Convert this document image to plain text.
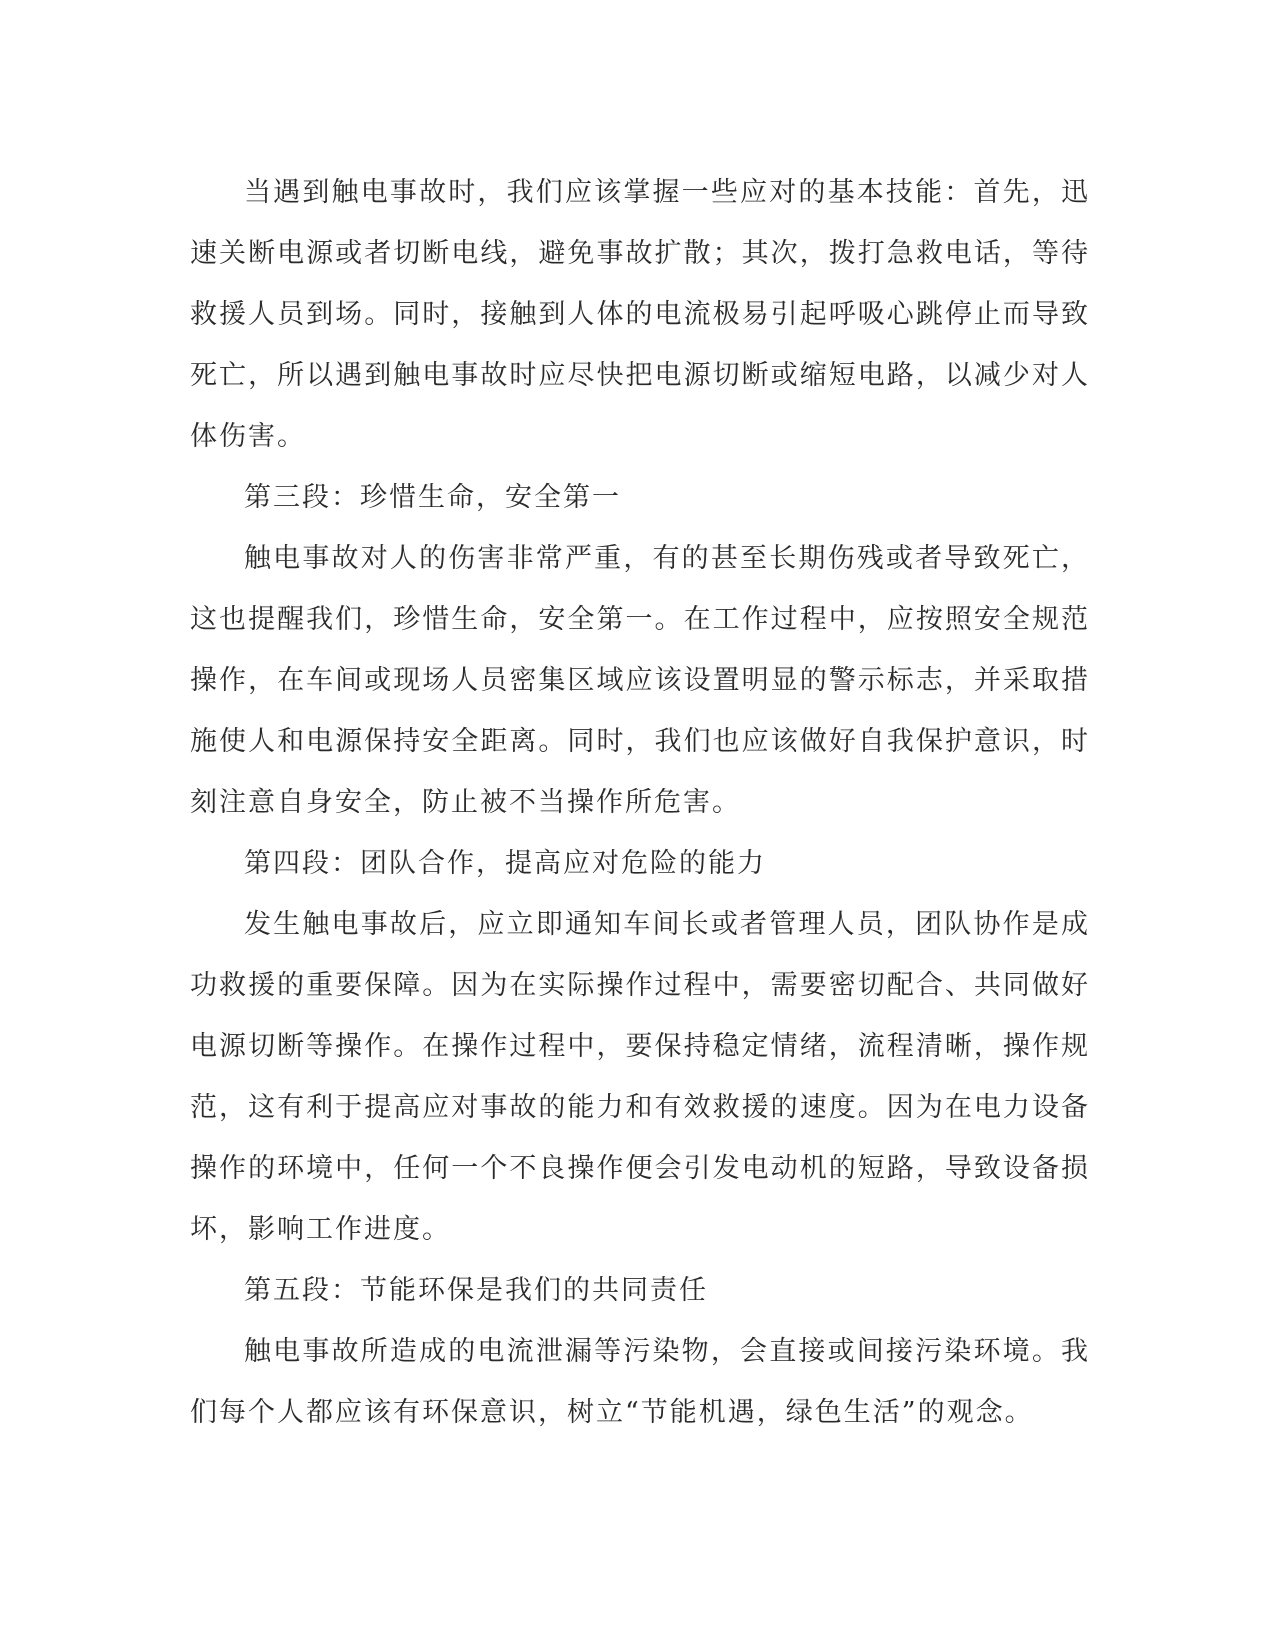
当遇到触电事故时，我们应该掌握一些应对的基本技能：首先，迅速关断电源或者切断电线，避免事故扩散；其次，拨打急救电话，等待救援人员到场。同时，接触到人体的电流极易引起呼吸心跳停止而导致死亡，所以遇到触电事故时应尽快把电源切断或缩短电路，以减少对人体伤害。

第三段：珍惜生命，安全第一

触电事故对人的伤害非常严重，有的甚至长期伤残或者导致死亡，这也提醒我们，珍惜生命，安全第一。在工作过程中，应按照安全规范操作，在车间或现场人员密集区域应该设置明显的警示标志，并采取措施使人和电源保持安全距离。同时，我们也应该做好自我保护意识，时刻注意自身安全，防止被不当操作所危害。

第四段：团队合作，提高应对危险的能力

发生触电事故后，应立即通知车间长或者管理人员，团队协作是成功救援的重要保障。因为在实际操作过程中，需要密切配合、共同做好电源切断等操作。在操作过程中，要保持稳定情绪，流程清晰，操作规范，这有利于提高应对事故的能力和有效救援的速度。因为在电力设备操作的环境中，任何一个不良操作便会引发电动机的短路，导致设备损坏，影响工作进度。

第五段：节能环保是我们的共同责任

触电事故所造成的电流泄漏等污染物，会直接或间接污染环境。我们每个人都应该有环保意识，树立“节能机遇，绿色生活”的观念。
